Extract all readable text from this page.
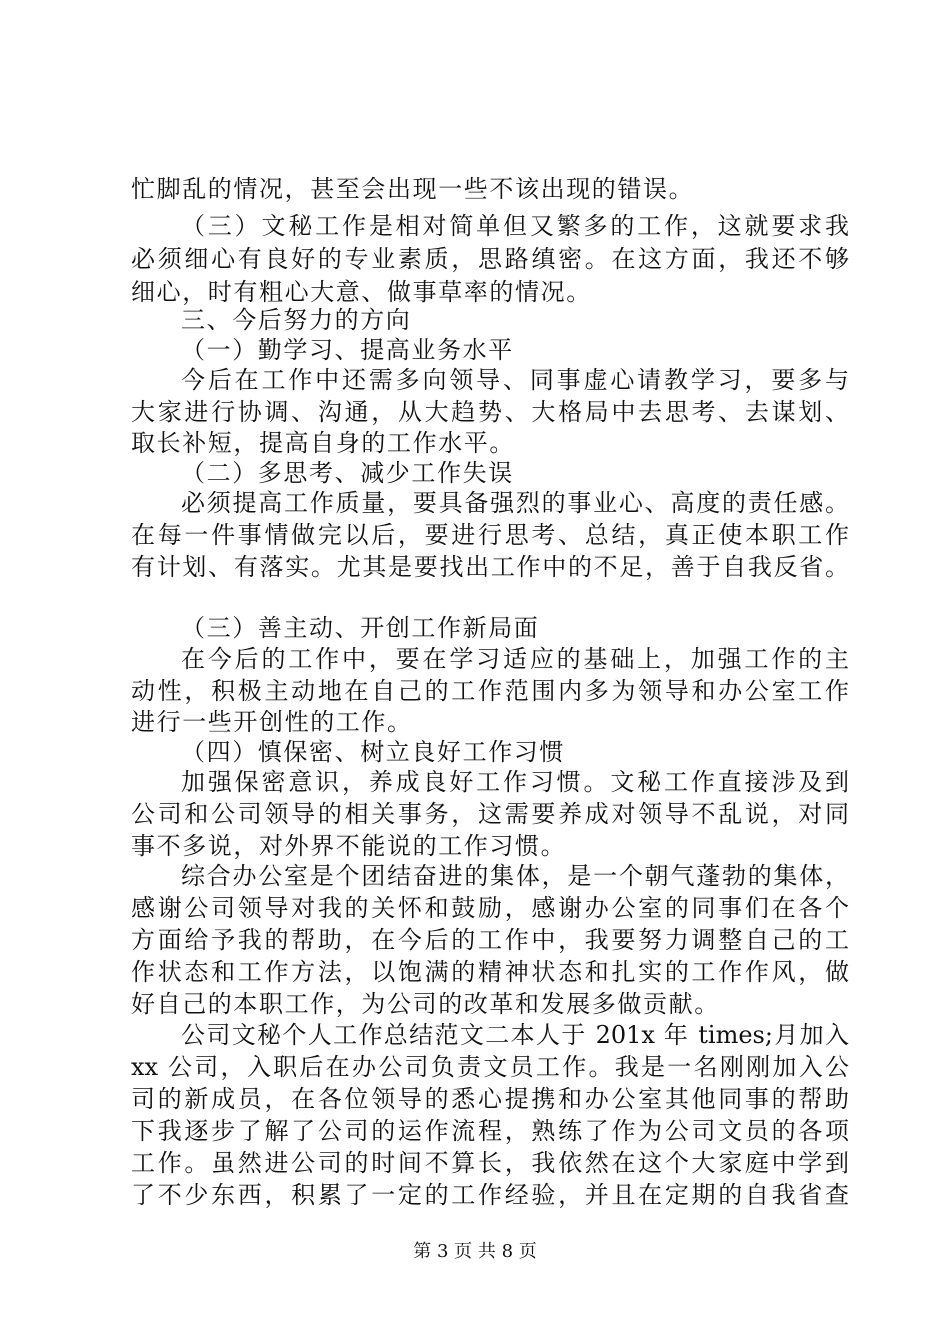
忙脚乱的情况，甚至会出现一些不该出现的错误。
（三）文秘工作是相对简单但又繁多的工作，这就要求我
必须细心有良好的专业素质，思路缜密。在这方面，我还不够
细心，时有粗心大意、做事草率的情况。
三、今后努力的方向
（一）勤学习、提高业务水平
今后在工作中还需多向领导、同事虚心请教学习，要多与
大家进行协调、沟通，从大趋势、大格局中去思考、去谋划、
取长补短，提高自身的工作水平。
（二）多思考、减少工作失误
必须提高工作质量，要具备强烈的事业心、高度的责任感。
在每一件事情做完以后，要进行思考、总结，真正使本职工作
有计划、有落实。尤其是要找出工作中的不足，善于自我反省。
（三）善主动、开创工作新局面
在今后的工作中，要在学习适应的基础上，加强工作的主
动性，积极主动地在自己的工作范围内多为领导和办公室工作
进行一些开创性的工作。
（四）慎保密、树立良好工作习惯
加强保密意识，养成良好工作习惯。文秘工作直接涉及到
公司和公司领导的相关事务，这需要养成对领导不乱说，对同
事不多说，对外界不能说的工作习惯。
综合办公室是个团结奋进的集体，是一个朝气蓬勃的集体，
感谢公司领导对我的关怀和鼓励，感谢办公室的同事们在各个
方面给予我的帮助，在今后的工作中，我要努力调整自己的工
作状态和工作方法，以饱满的精神状态和扎实的工作作风，做
好自己的本职工作，为公司的改革和发展多做贡献。
公司文秘个人工作总结范文二本人于 201x 年 times;月加入
xx 公司，入职后在办公司负责文员工作。我是一名刚刚加入公
司的新成员，在各位领导的悉心提携和办公室其他同事的帮助
下我逐步了解了公司的运作流程，熟练了作为公司文员的各项
工作。虽然进公司的时间不算长，我依然在这个大家庭中学到
了不少东西，积累了一定的工作经验，并且在定期的自我省查
第 3 页 共 8 页
